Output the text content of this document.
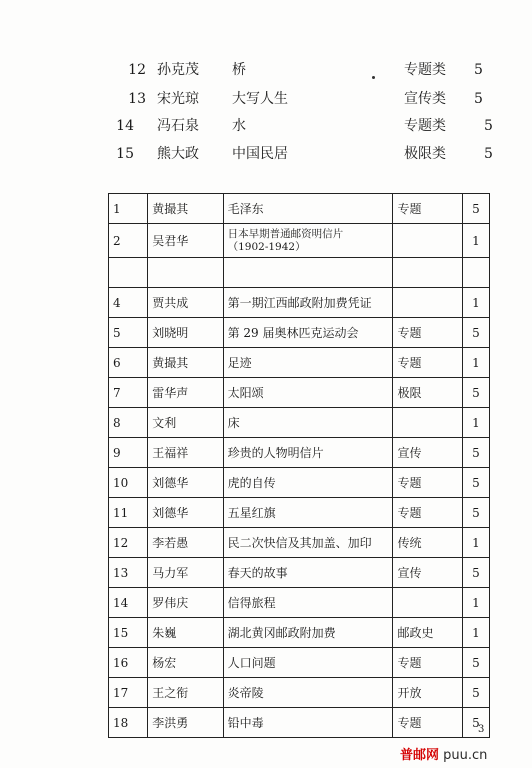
12 孙克茂 桥	专题类 5
13 宋光琼 大写人生	宣传类 5
14 冯石泉 水	专题类	5
15 熊大政 中国民居	极限类	5
1	黄撮其	毛泽东	专题	5
2	吴君华	日本早期普通邮资明信片
（1902-1942）		1

4	贾共成	第一期江西邮政附加费凭证		1
5	刘晓明	第 29 届奥林匹克运动会	专题	5
6	黄撮其	足迹	专题	1
7	雷华声	太阳颂	极限	5
8	文利	床		1
9	王福祥	珍贵的人物明信片	宣传	5
10	刘德华	虎的自传	专题	5
11	刘德华	五星红旗	专题	5
12	李若愚	民二次快信及其加盖、加印	传统	1
13	马力军	春天的故事	宣传	5
14	罗伟庆	信得旅程		1
15	朱巍	湖北黄冈邮政附加费	邮政史	1
16	杨宏	人口问题	专题	5
17	王之衔	炎帝陵	开放	5
18	李洪勇	铅中毒	专题	5
3
普邮网 puu.cn
